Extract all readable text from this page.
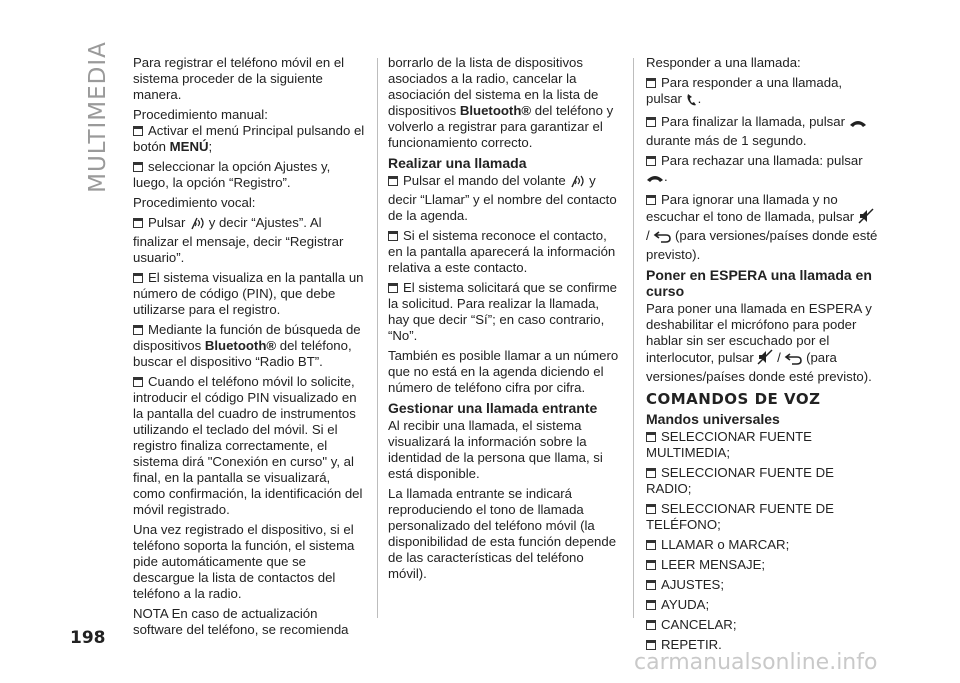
MULTIMEDIA
198

Para registrar el teléfono móvil en el sistema proceder de la siguiente manera.

Procedimiento manual:

Activar el menú Principal pulsando el botón MENÚ;

seleccionar la opción Ajustes y, luego, la opción “Registro”.

Procedimiento vocal:

Pulsar  y decir “Ajustes”. Al finalizar el mensaje, decir “Registrar usuario”.

El sistema visualiza en la pantalla un número de código (PIN), que debe utilizarse para el registro.

Mediante la función de búsqueda de dispositivos Bluetooth® del teléfono, buscar el dispositivo “Radio BT”.

Cuando el teléfono móvil lo solicite, introducir el código PIN visualizado en la pantalla del cuadro de instrumentos utilizando el teclado del móvil. Si el registro finaliza correctamente, el sistema dirá "Conexión en curso" y, al final, en la pantalla se visualizará, como confirmación, la identificación del móvil registrado.

Una vez registrado el dispositivo, si el teléfono soporta la función, el sistema pide automáticamente que se descargue la lista de contactos del teléfono a la radio.

NOTA En caso de actualización software del teléfono, se recomienda

borrarlo de la lista de dispositivos asociados a la radio, cancelar la asociación del sistema en la lista de dispositivos Bluetooth® del teléfono y volverlo a registrar para garantizar el funcionamiento correcto.

Realizar una llamada

Pulsar el mando del volante  y decir “Llamar” y el nombre del contacto de la agenda.

Si el sistema reconoce el contacto, en la pantalla aparecerá la información relativa a este contacto.

El sistema solicitará que se confirme la solicitud. Para realizar la llamada, hay que decir “Sí”; en caso contrario, “No”.

También es posible llamar a un número que no está en la agenda diciendo el número de teléfono cifra por cifra.

Gestionar una llamada entrante

Al recibir una llamada, el sistema visualizará la información sobre la identidad de la persona que llama, si está disponible.

La llamada entrante se indicará reproduciendo el tono de llamada personalizado del teléfono móvil (la disponibilidad de esta función depende de las características del teléfono móvil).

Responder a una llamada:

Para responder a una llamada, pulsar .

Para finalizar la llamada, pulsar  durante más de 1 segundo.

Para rechazar una llamada: pulsar .

Para ignorar una llamada y no escuchar el tono de llamada, pulsar  /  (para versiones/países donde esté previsto).

Poner en ESPERA una llamada en curso

Para poner una llamada en ESPERA y deshabilitar el micrófono para poder hablar sin ser escuchado por el interlocutor, pulsar  /  (para versiones/países donde esté previsto).

COMANDOS DE VOZ
Mandos universales

SELECCIONAR FUENTE MULTIMEDIA;

SELECCIONAR FUENTE DE RADIO;

SELECCIONAR FUENTE DE TELÉFONO;

LLAMAR o MARCAR;

LEER MENSAJE;

AJUSTES;

AYUDA;

CANCELAR;

REPETIR.

carmanualsonline.info
